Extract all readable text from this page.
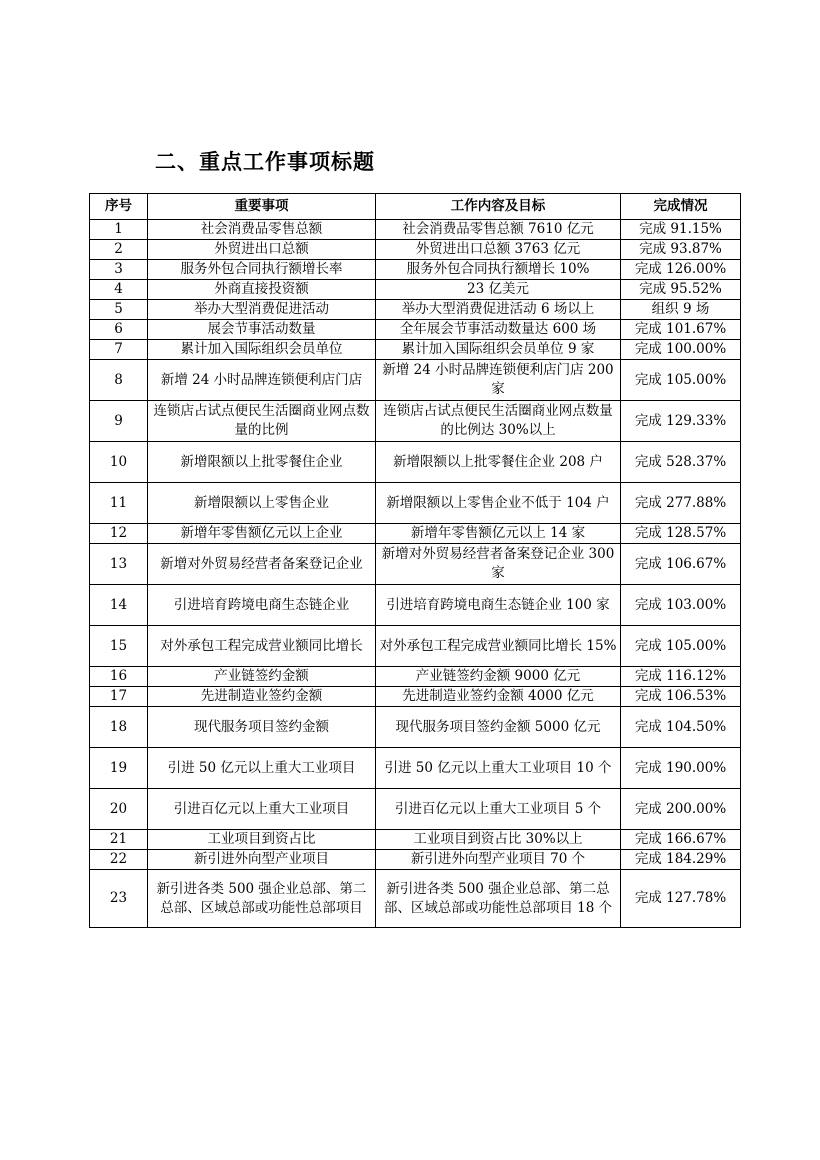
二、重点工作事项标题
序号	重要事项	工作内容及目标	完成情况
1	社会消费品零售总额	社会消费品零售总额 7610 亿元	完成 91.15%
2	外贸进出口总额	外贸进出口总额 3763 亿元	完成 93.87%
3	服务外包合同执行额增长率	服务外包合同执行额增长 10%	完成 126.00%
4	外商直接投资额	23 亿美元	完成 95.52%
5	举办大型消费促进活动	举办大型消费促进活动 6 场以上	组织 9 场
6	展会节事活动数量	全年展会节事活动数量达 600 场	完成 101.67%
7	累计加入国际组织会员单位	累计加入国际组织会员单位 9 家	完成 100.00%
8	新增 24 小时品牌连锁便利店门店	新增 24 小时品牌连锁便利店门店 200 家	完成 105.00%
9	连锁店占试点便民生活圈商业网点数量的比例	连锁店占试点便民生活圈商业网点数量的比例达 30%以上	完成 129.33%
10	新增限额以上批零餐住企业	新增限额以上批零餐住企业 208 户	完成 528.37%
11	新增限额以上零售企业	新增限额以上零售企业不低于 104 户	完成 277.88%
12	新增年零售额亿元以上企业	新增年零售额亿元以上 14 家	完成 128.57%
13	新增对外贸易经营者备案登记企业	新增对外贸易经营者备案登记企业 300 家	完成 106.67%
14	引进培育跨境电商生态链企业	引进培育跨境电商生态链企业 100 家	完成 103.00%
15	对外承包工程完成营业额同比增长	对外承包工程完成营业额同比增长 15%	完成 105.00%
16	产业链签约金额	产业链签约金额 9000 亿元	完成 116.12%
17	先进制造业签约金额	先进制造业签约金额 4000 亿元	完成 106.53%
18	现代服务项目签约金额	现代服务项目签约金额 5000 亿元	完成 104.50%
19	引进 50 亿元以上重大工业项目	引进 50 亿元以上重大工业项目 10 个	完成 190.00%
20	引进百亿元以上重大工业项目	引进百亿元以上重大工业项目 5 个	完成 200.00%
21	工业项目到资占比	工业项目到资占比 30%以上	完成 166.67%
22	新引进外向型产业项目	新引进外向型产业项目 70 个	完成 184.29%
23	新引进各类 500 强企业总部、第二总部、区域总部或功能性总部项目	新引进各类 500 强企业总部、第二总部、区域总部或功能性总部项目 18 个	完成 127.78%
